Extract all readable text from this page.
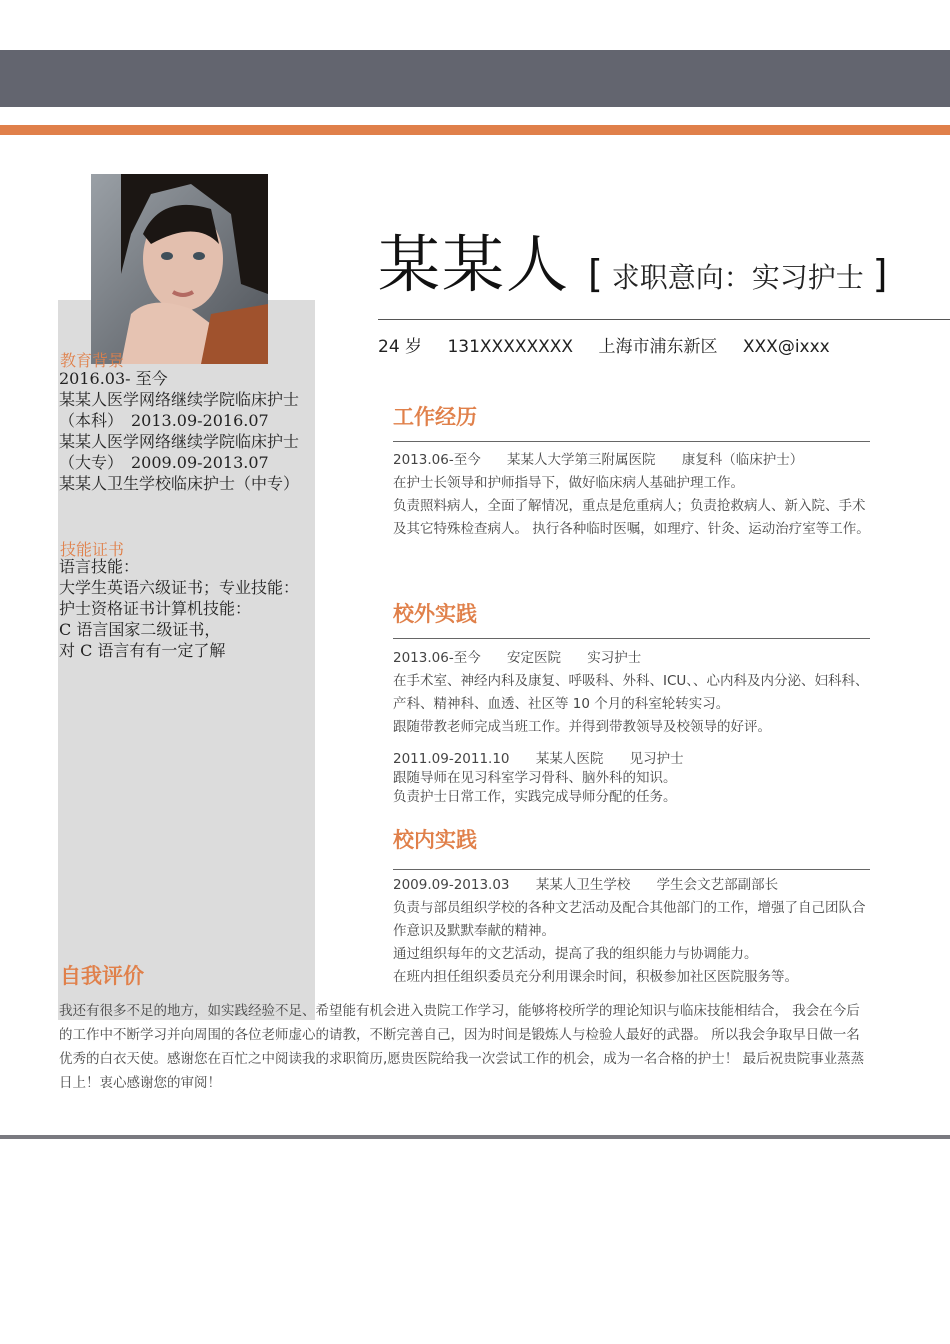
某某人 [ 求职意向：实习护士 ]
24 岁 131XXXXXXXX 上海市浦东新区 XXX@ixxx
教育背景
2016.03- 至今
某某人医学网络继续学院临床护士（本科）　2013.09-2016.07
某某人医学网络继续学院临床护士（大专）　2009.09-2013.07
某某人卫生学校临床护士（中专）
技能证书
语言技能：
大学生英语六级证书；专业技能：护士资格证书计算机技能：
C 语言国家二级证书，
对 C 语言有有一定了解
工作经历
2013.06-至今 某某人大学第三附属医院 康复科（临床护士）

在护士长领导和护师指导下，做好临床病人基础护理工作。

负责照料病人，全面了解情况，重点是危重病人；负责抢救病人、新入院、手术及其它特殊检查病人。 执行各种临时医嘱，如理疗、针灸、运动治疗室等工作。

校外实践
2013.06-至今 安定医院 实习护士

在手术室、神经内科及康复、呼吸科、外科、ICU、、心内科及内分泌、妇科科、产科、精神科、血透、社区等 10 个月的科室轮转实习。

跟随带教老师完成当班工作。并得到带教领导及校领导的好评。

2011.09-2011.10 某某人医院 见习护士

跟随导师在见习科室学习骨科、脑外科的知识。

负责护士日常工作，实践完成导师分配的任务。

校内实践
2009.09-2013.03 某某人卫生学校 学生会文艺部副部长

负责与部员组织学校的各种文艺活动及配合其他部门的工作，增强了自己团队合作意识及默默奉献的精神。

通过组织每年的文艺活动，提高了我的组织能力与协调能力。

在班内担任组织委员充分利用课余时间，积极参加社区医院服务等。

自我评价
我还有很多不足的地方，如实践经验不足、希望能有机会进入贵院工作学习，能够将校所学的理论知识与临床技能相结合， 我会在今后的工作中不断学习并向周围的各位老师虚心的请教，不断完善自己，因为时间是锻炼人与检验人最好的武器。 所以我会争取早日做一名优秀的白衣天使。感谢您在百忙之中阅读我的求职简历,愿贵医院给我一次尝试工作的机会，成为一名合格的护士！ 最后祝贵院事业蒸蒸日上！衷心感谢您的审阅！
